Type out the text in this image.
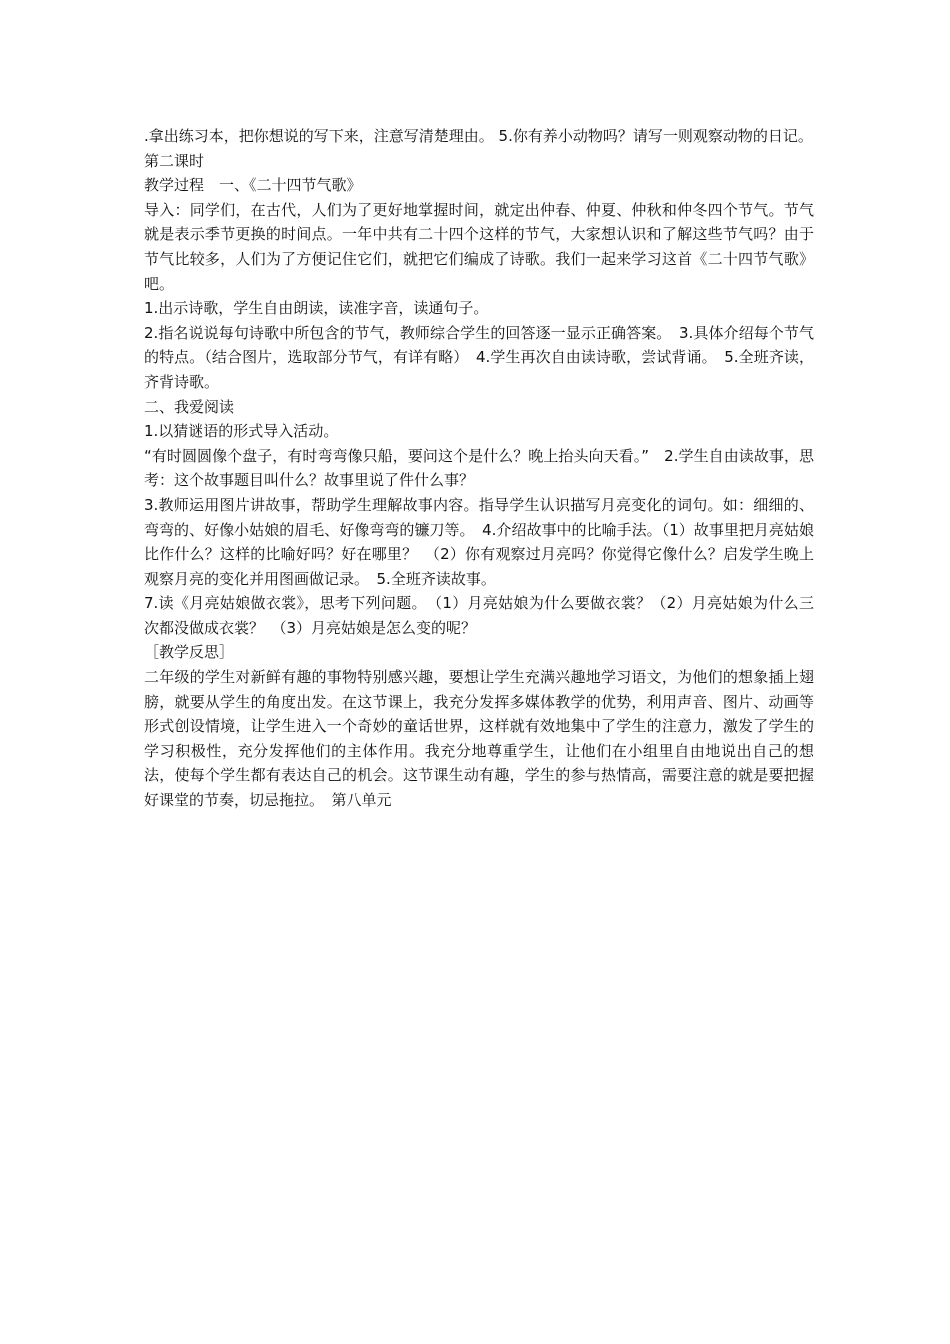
.拿出练习本，把你想说的写下来，注意写清楚理由。 5.你有养小动物吗？请写一则观察动物的日记。

第二课时

教学过程　一、《二十四节气歌》

导入：同学们，在古代，人们为了更好地掌握时间，就定出仲春、仲夏、仲秋和仲冬四个节气。节气就是表示季节更换的时间点。一年中共有二十四个这样的节气，大家想认识和了解这些节气吗？由于节气比较多，人们为了方便记住它们，就把它们编成了诗歌。我们一起来学习这首《二十四节气歌》吧。

1.出示诗歌，学生自由朗读，读准字音，读通句子。

2.指名说说每句诗歌中所包含的节气，教师综合学生的回答逐一显示正确答案。　3.具体介绍每个节气的特点。（结合图片，选取部分节气，有详有略）　4.学生再次自由读诗歌，尝试背诵。　5.全班齐读，齐背诗歌。

二、我爱阅读

1.以猜谜语的形式导入活动。

“有时圆圆像个盘子，有时弯弯像只船，要问这个是什么？晚上抬头向天看。”　2.学生自由读故事，思考：这个故事题目叫什么？故事里说了件什么事？

3.教师运用图片讲故事，帮助学生理解故事内容。指导学生认识描写月亮变化的词句。如：细细的、弯弯的、好像小姑娘的眉毛、好像弯弯的镰刀等。　4.介绍故事中的比喻手法。（1）故事里把月亮姑娘比作什么？这样的比喻好吗？好在哪里？　（2）你有观察过月亮吗？你觉得它像什么？启发学生晚上观察月亮的变化并用图画做记录。　5.全班齐读故事。

7.读《月亮姑娘做衣裳》，思考下列问题。　（1）月亮姑娘为什么要做衣裳？（2）月亮姑娘为什么三次都没做成衣裳？　（3）月亮姑娘是怎么变的呢？

［教学反思］

二年级的学生对新鲜有趣的事物特别感兴趣，要想让学生充满兴趣地学习语文，为他们的想象插上翅膀，就要从学生的角度出发。在这节课上，我充分发挥多媒体教学的优势，利用声音、图片、动画等形式创设情境，让学生进入一个奇妙的童话世界，这样就有效地集中了学生的注意力，激发了学生的学习积极性，充分发挥他们的主体作用。我充分地尊重学生，让他们在小组里自由地说出自己的想法，使每个学生都有表达自己的机会。这节课生动有趣，学生的参与热情高，需要注意的就是要把握好课堂的节奏，切忌拖拉。　第八单元
